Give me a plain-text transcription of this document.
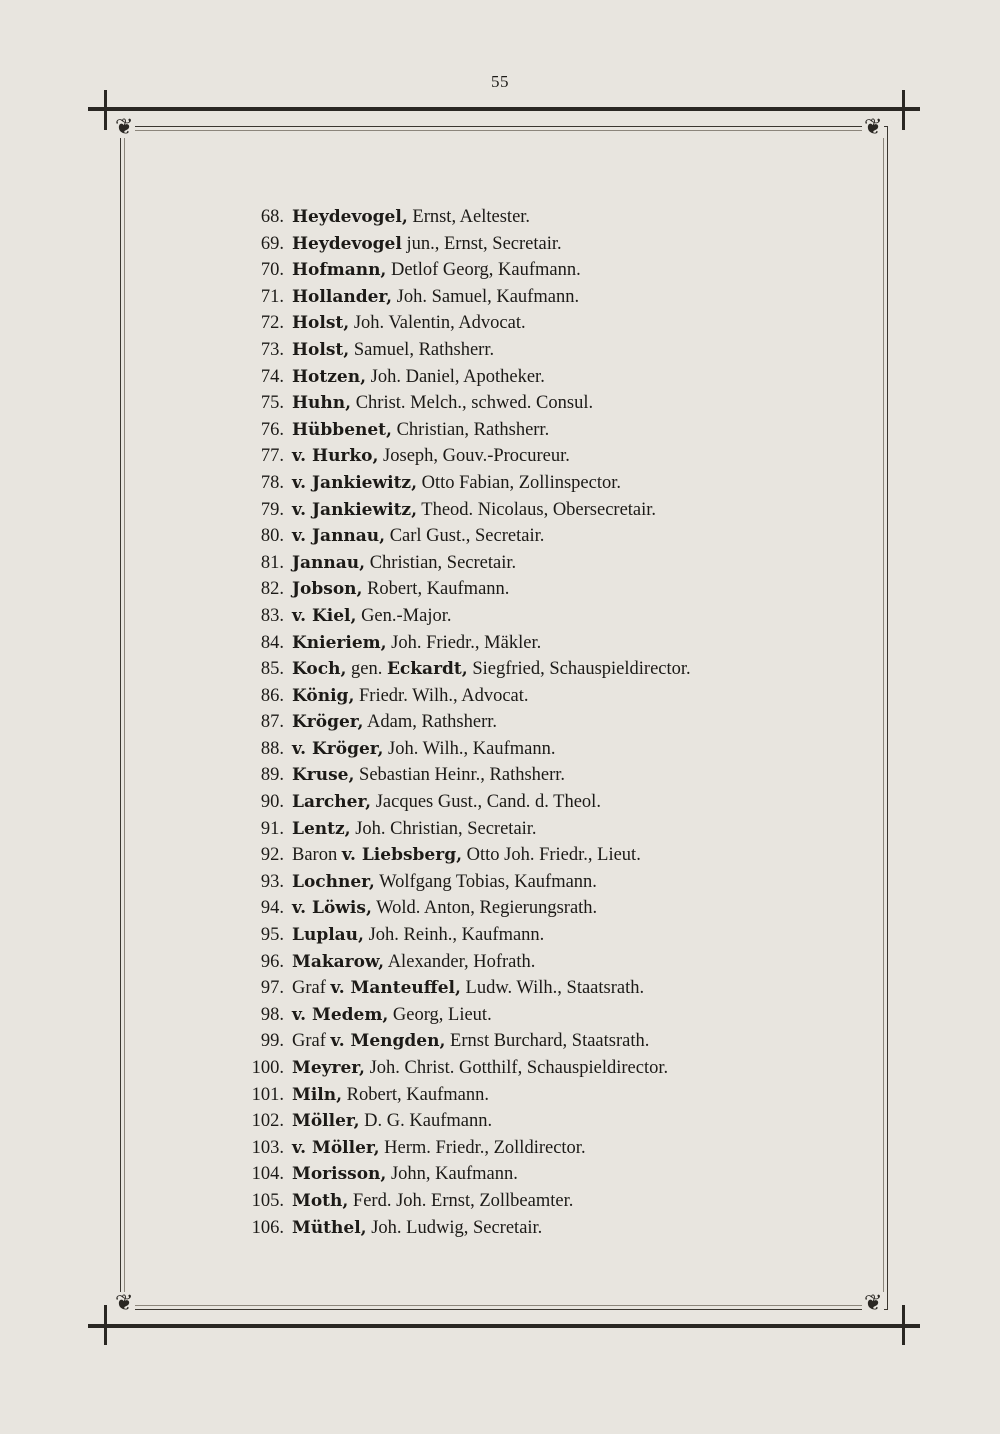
55
❦	❦
❦	❦
68. Heydevogel, Ernst, Aeltester.
69. Heydevogel jun., Ernst, Secretair.
70. Hofmann, Detlof Georg, Kaufmann.
71. Hollander, Joh. Samuel, Kaufmann.
72. Holst, Joh. Valentin, Advocat.
73. Holst, Samuel, Rathsherr.
74. Hotzen, Joh. Daniel, Apotheker.
75. Huhn, Christ. Melch., schwed. Consul.
76. Hübbenet, Christian, Rathsherr.
77. v. Hurko, Joseph, Gouv.-Procureur.
78. v. Jankiewitz, Otto Fabian, Zollinspector.
79. v. Jankiewitz, Theod. Nicolaus, Obersecretair.
80. v. Jannau, Carl Gust., Secretair.
81. Jannau, Christian, Secretair.
82. Jobson, Robert, Kaufmann.
83. v. Kiel, Gen.-Major.
84. Knieriem, Joh. Friedr., Mäkler.
85. Koch, gen. Eckardt, Siegfried, Schauspieldirector.
86. König, Friedr. Wilh., Advocat.
87. Kröger, Adam, Rathsherr.
88. v. Kröger, Joh. Wilh., Kaufmann.
89. Kruse, Sebastian Heinr., Rathsherr.
90. Larcher, Jacques Gust., Cand. d. Theol.
91. Lentz, Joh. Christian, Secretair.
92. Baron v. Liebsberg, Otto Joh. Friedr., Lieut.
93. Lochner, Wolfgang Tobias, Kaufmann.
94. v. Löwis, Wold. Anton, Regierungsrath.
95. Luplau, Joh. Reinh., Kaufmann.
96. Makarow, Alexander, Hofrath.
97. Graf v. Manteuffel, Ludw. Wilh., Staatsrath.
98. v. Medem, Georg, Lieut.
99. Graf v. Mengden, Ernst Burchard, Staatsrath.
100. Meyrer, Joh. Christ. Gotthilf, Schauspieldirector.
101. Miln, Robert, Kaufmann.
102. Möller, D. G. Kaufmann.
103. v. Möller, Herm. Friedr., Zolldirector.
104. Morisson, John, Kaufmann.
105. Moth, Ferd. Joh. Ernst, Zollbeamter.
106. Müthel, Joh. Ludwig, Secretair.
